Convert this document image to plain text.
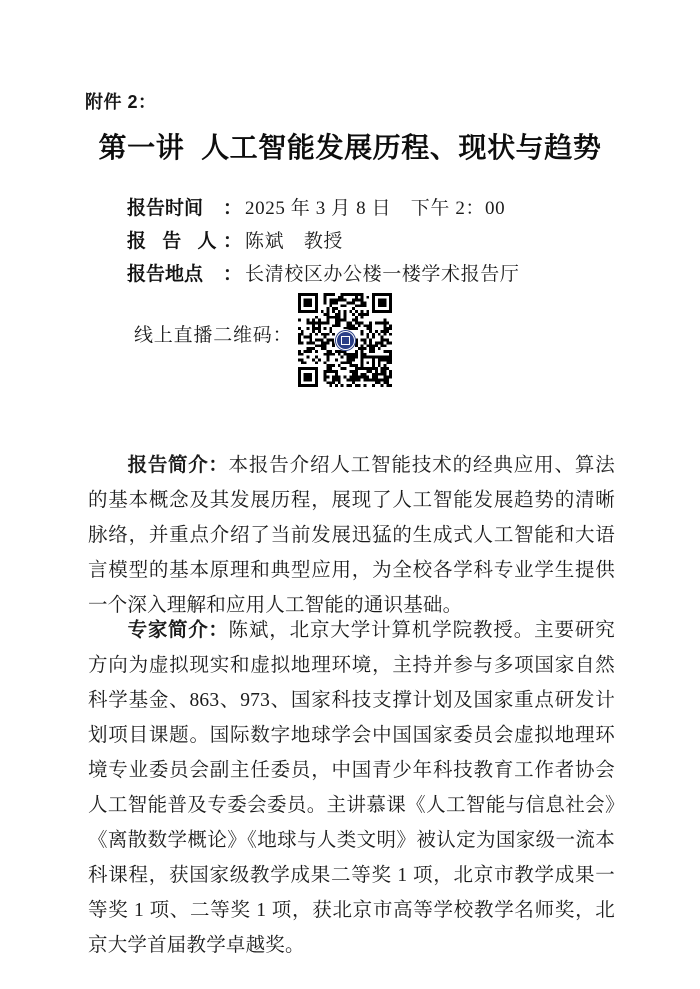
附件 2：
第一讲  人工智能发展历程、现状与趋势
报告时间	： 2025 年 3 月 8 日　下午 2：00
报 告 人 ： 陈斌　教授
报告地点	： 长清校区办公楼一楼学术报告厅
线上直播二维码：

报告简介：本报告介绍人工智能技术的经典应用、算法的基本概念及其发展历程，展现了人工智能发展趋势的清晰脉络，并重点介绍了当前发展迅猛的生成式人工智能和大语言模型的基本原理和典型应用，为全校各学科专业学生提供一个深入理解和应用人工智能的通识基础。

专家简介：陈斌，北京大学计算机学院教授。主要研究方向为虚拟现实和虚拟地理环境，主持并参与多项国家自然科学基金、863、973、国家科技支撑计划及国家重点研发计划项目课题。国际数字地球学会中国国家委员会虚拟地理环境专业委员会副主任委员，中国青少年科技教育工作者协会人工智能普及专委会委员。主讲慕课《人工智能与信息社会》《离散数学概论》《地球与人类文明》被认定为国家级一流本科课程，获国家级教学成果二等奖 1 项，北京市教学成果一等奖 1 项、二等奖 1 项，获北京市高等学校教学名师奖，北京大学首届教学卓越奖。
